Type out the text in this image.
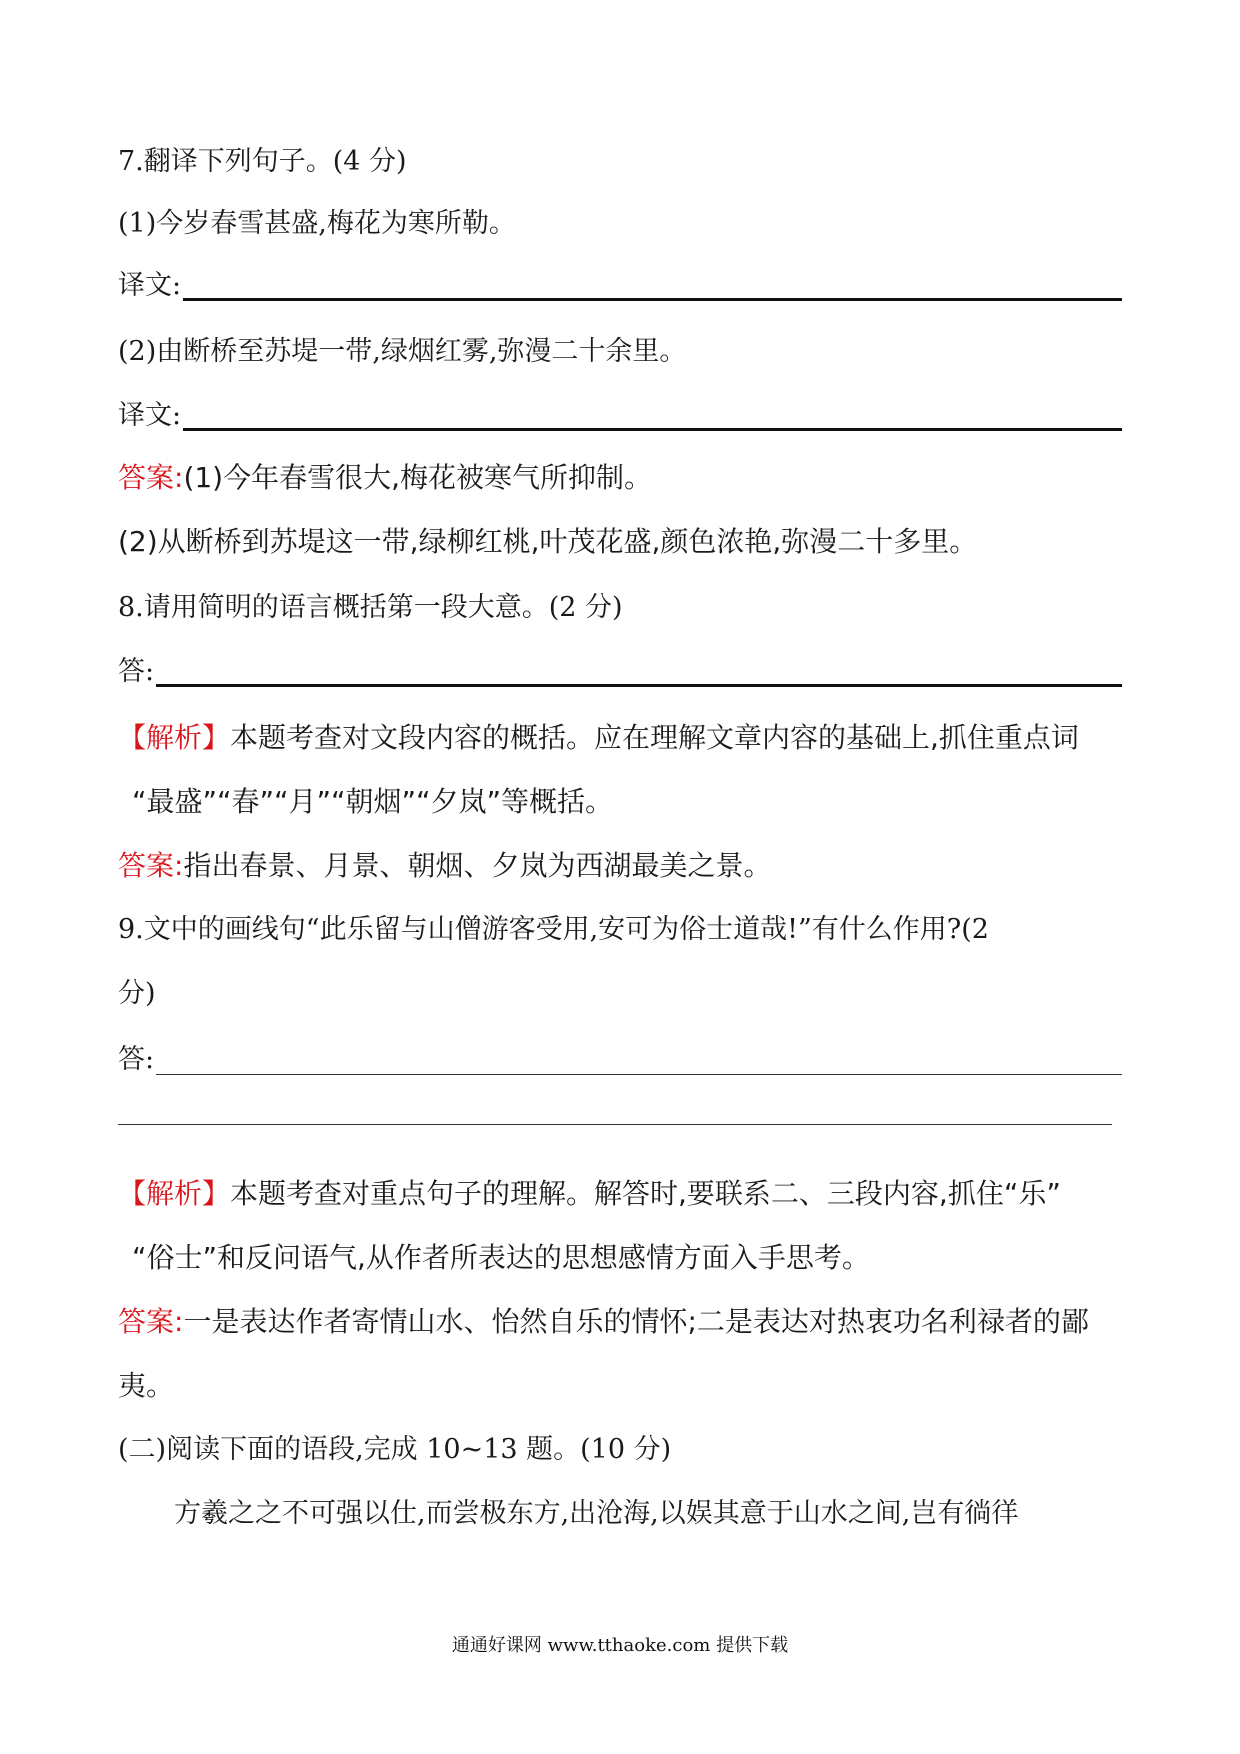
7.翻译下列句子。(4 分)
(1)今岁春雪甚盛,梅花为寒所勒。
译文:
(2)由断桥至苏堤一带,绿烟红雾,弥漫二十余里。
译文:
答案:(1)今年春雪很大,梅花被寒气所抑制。
(2)从断桥到苏堤这一带,绿柳红桃,叶茂花盛,颜色浓艳,弥漫二十多里。
8.请用简明的语言概括第一段大意。(2 分)
答:
【解析】本题考查对文段内容的概括。应在理解文章内容的基础上,抓住重点词
“最盛”“春”“月”“朝烟”“夕岚”等概括。
答案:指出春景、月景、朝烟、夕岚为西湖最美之景。
9.文中的画线句“此乐留与山僧游客受用,安可为俗士道哉!”有什么作用?(2
分)
答:
【解析】本题考查对重点句子的理解。解答时,要联系二、三段内容,抓住“乐”
“俗士”和反问语气,从作者所表达的思想感情方面入手思考。
答案:一是表达作者寄情山水、怡然自乐的情怀;二是表达对热衷功名利禄者的鄙
夷。
(二)阅读下面的语段,完成 10~13 题。(10 分)
方羲之之不可强以仕,而尝极东方,出沧海,以娱其意于山水之间,岂有徜徉
通通好课网 www.tthaoke.com 提供下载
